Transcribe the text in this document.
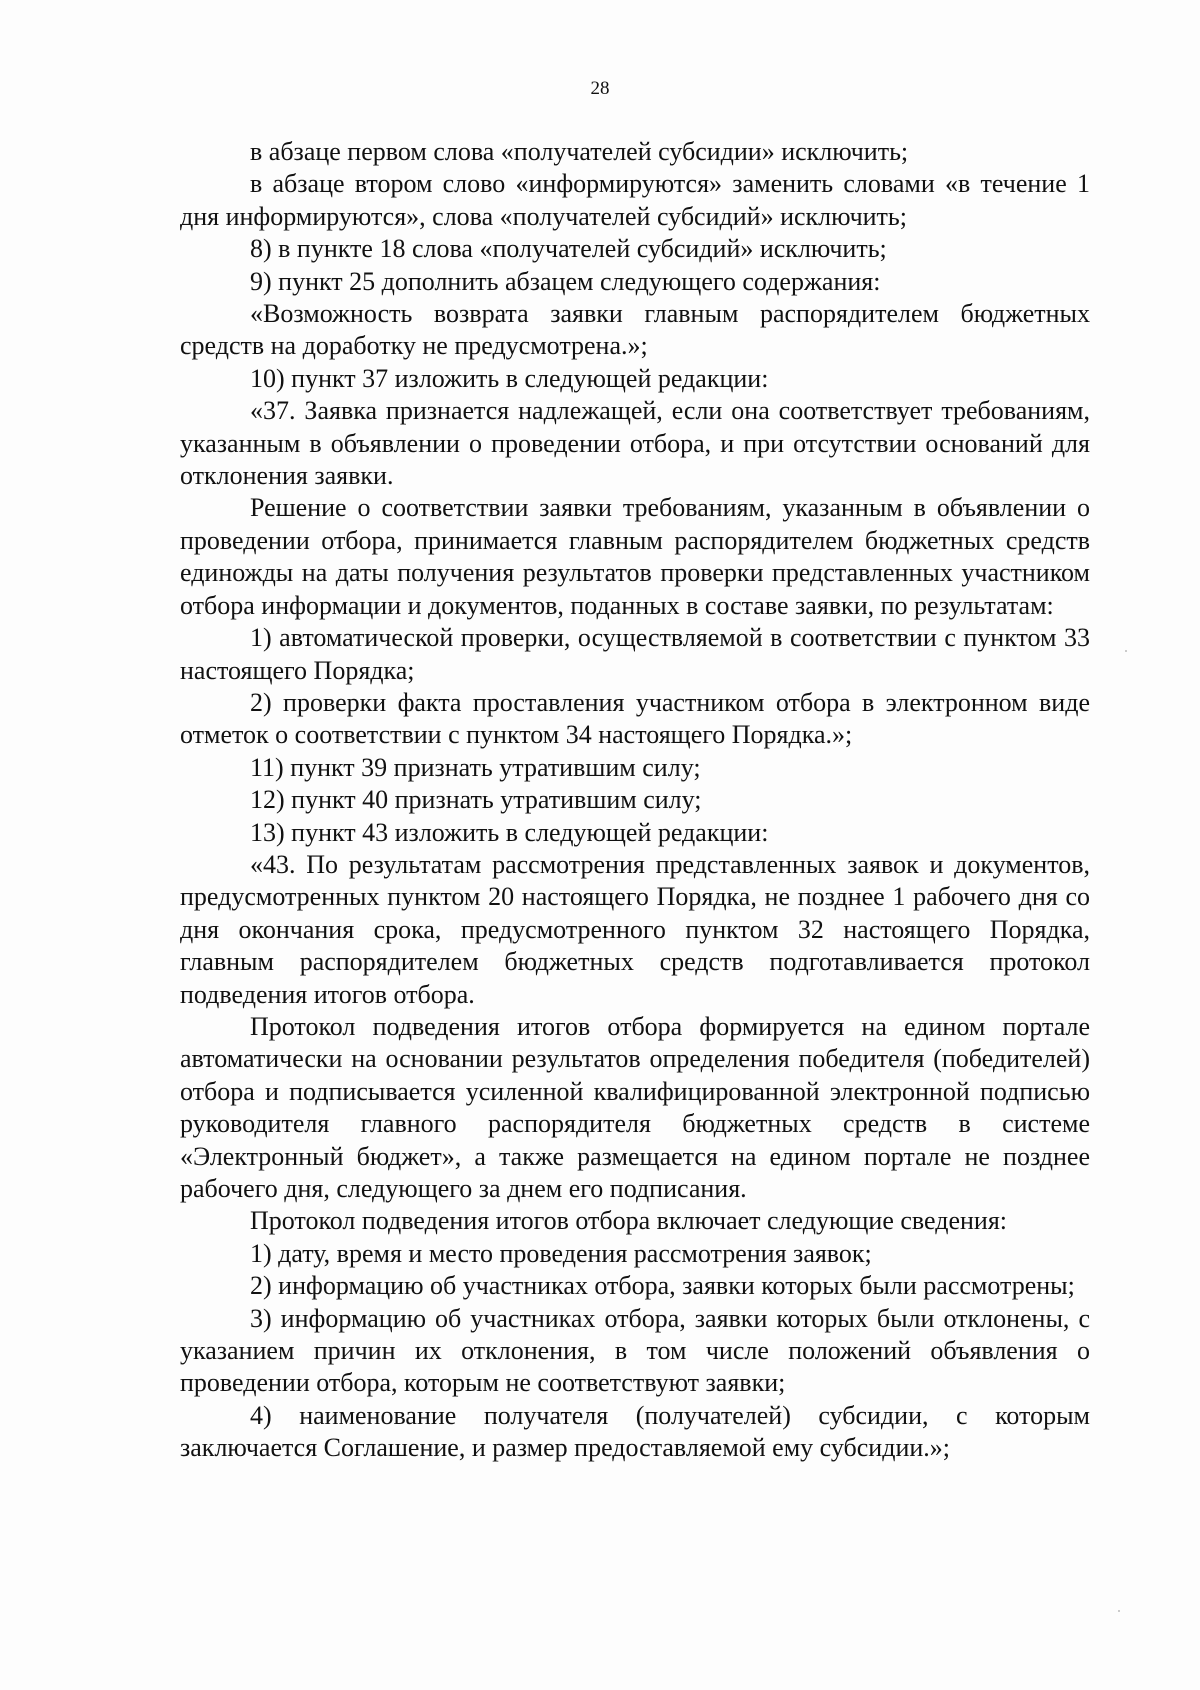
28

в абзаце первом слова «получателей субсидии» исключить;

в абзаце втором слово «информируются» заменить словами «в течение 1 дня информируются», слова «получателей субсидий» исключить;

8) в пункте 18 слова «получателей субсидий» исключить;

9) пункт 25 дополнить абзацем следующего содержания:

«Возможность возврата заявки главным распорядителем бюджетных средств на доработку не предусмотрена.»;

10) пункт 37 изложить в следующей редакции:

«37. Заявка признается надлежащей, если она соответствует требованиям, указанным в объявлении о проведении отбора, и при отсутствии оснований для отклонения заявки.

Решение о соответствии заявки требованиям, указанным в объявлении о проведении отбора, принимается главным распорядителем бюджетных средств единожды на даты получения результатов проверки представленных участником отбора информации и документов, поданных в составе заявки, по результатам:

1) автоматической проверки, осуществляемой в соответствии с пунктом 33 настоящего Порядка;

2) проверки факта проставления участником отбора в электронном виде отметок о соответствии с пунктом 34 настоящего Порядка.»;

11) пункт 39 признать утратившим силу;

12) пункт 40 признать утратившим силу;

13) пункт 43 изложить в следующей редакции:

«43. По результатам рассмотрения представленных заявок и документов, предусмотренных пунктом 20 настоящего Порядка, не позднее 1 рабочего дня со дня окончания срока, предусмотренного пунктом 32 настоящего Порядка, главным распорядителем бюджетных средств подготавливается протокол подведения итогов отбора.

Протокол подведения итогов отбора формируется на едином портале автоматически на основании результатов определения победителя (победителей) отбора и подписывается усиленной квалифицированной электронной подписью руководителя главного распорядителя бюджетных средств в системе «Электронный бюджет», а также размещается на едином портале не позднее рабочего дня, следующего за днем его подписания.

Протокол подведения итогов отбора включает следующие сведения:

1) дату, время и место проведения рассмотрения заявок;

2) информацию об участниках отбора, заявки которых были рассмотрены;

3) информацию об участниках отбора, заявки которых были отклонены, с указанием причин их отклонения, в том числе положений объявления о проведении отбора, которым не соответствуют заявки;

4) наименование получателя (получателей) субсидии, с которым заключается Соглашение, и размер предоставляемой ему субсидии.»;
